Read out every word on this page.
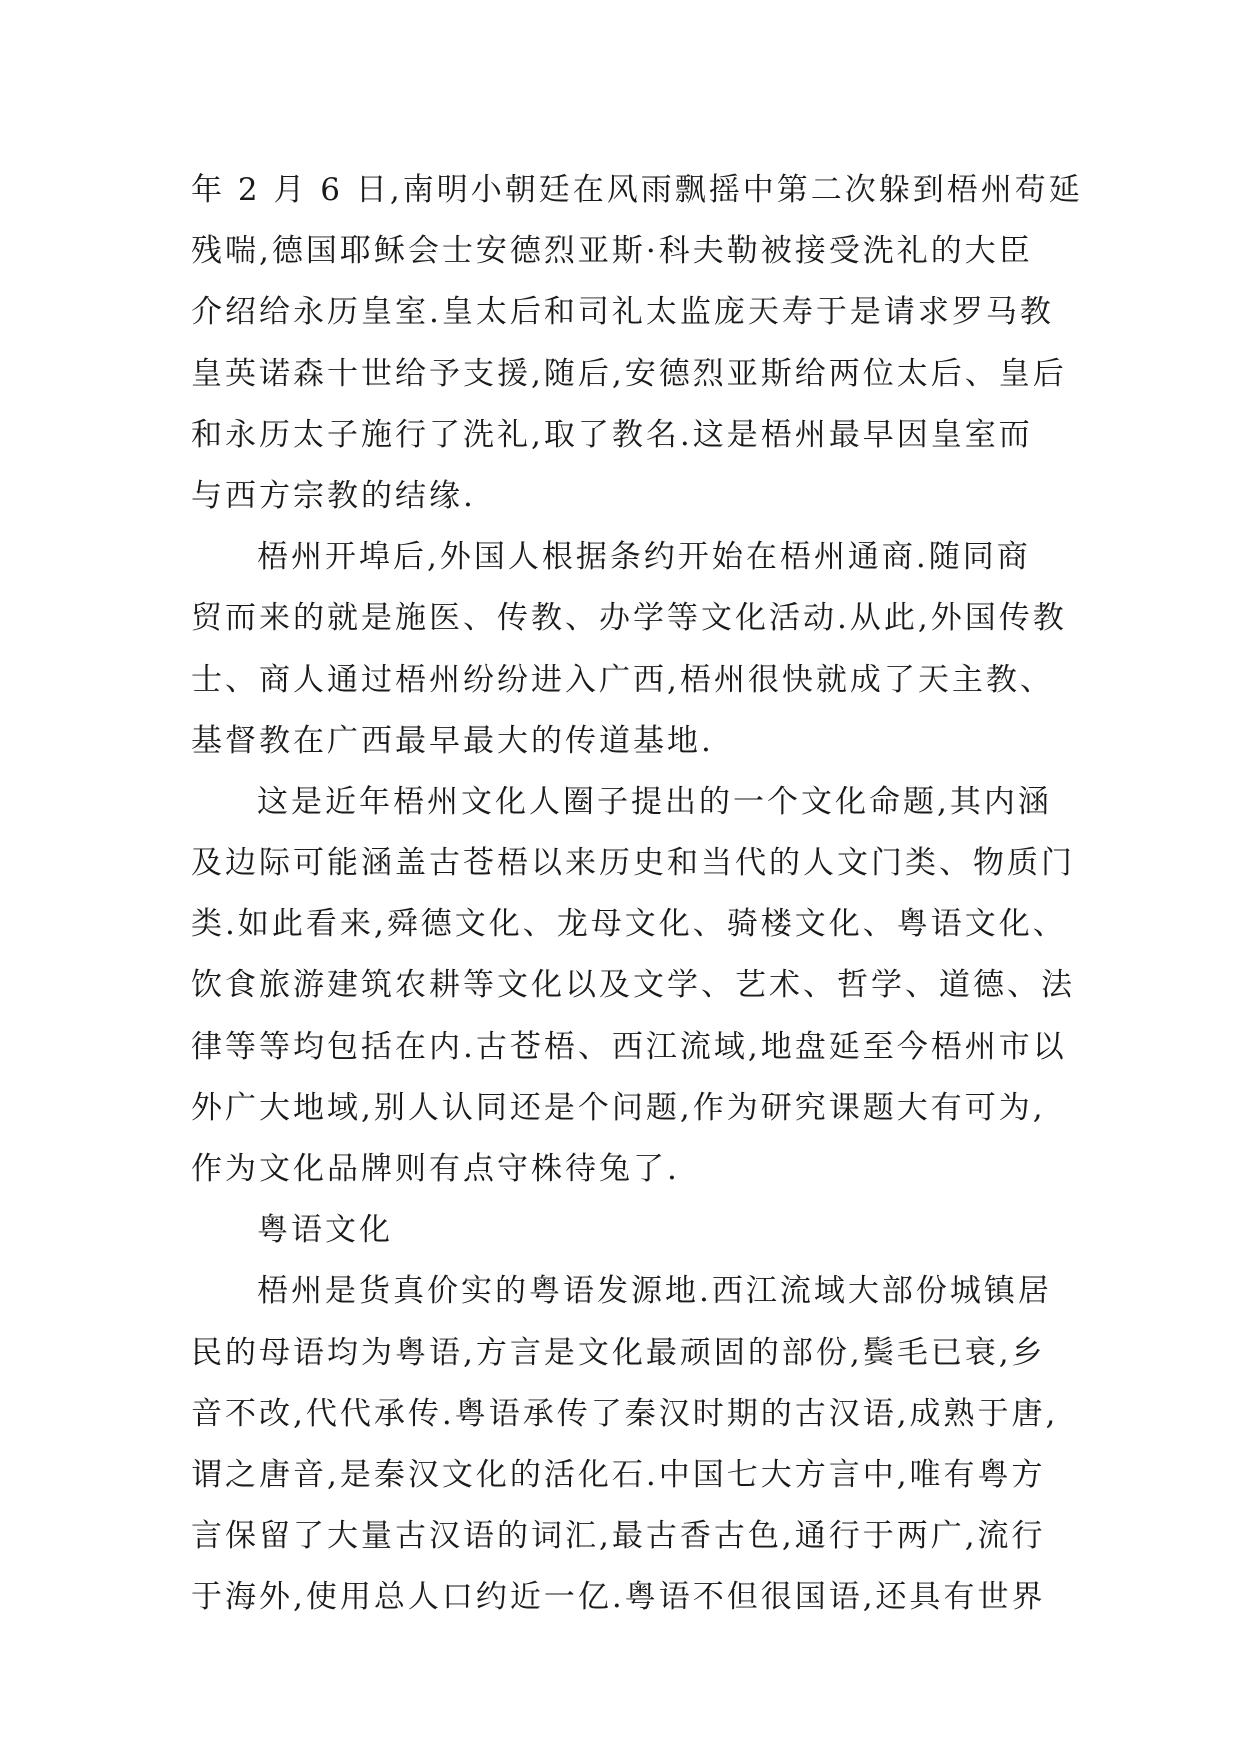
年 2 月 6 日,南明小朝廷在风雨飘摇中第二次躲到梧州苟延
残喘,德国耶稣会士安德烈亚斯·科夫勒被接受洗礼的大臣
介绍给永历皇室.皇太后和司礼太监庞天寿于是请求罗马教
皇英诺森十世给予支援,随后,安德烈亚斯给两位太后、皇后
和永历太子施行了洗礼,取了教名.这是梧州最早因皇室而
与西方宗教的结缘.
梧州开埠后,外国人根据条约开始在梧州通商.随同商
贸而来的就是施医、传教、办学等文化活动.从此,外国传教
士、商人通过梧州纷纷进入广西,梧州很快就成了天主教、
基督教在广西最早最大的传道基地.
这是近年梧州文化人圈子提出的一个文化命题,其内涵
及边际可能涵盖古苍梧以来历史和当代的人文门类、物质门
类.如此看来,舜德文化、龙母文化、骑楼文化、粤语文化、
饮食旅游建筑农耕等文化以及文学、艺术、哲学、道德、法
律等等均包括在内.古苍梧、西江流域,地盘延至今梧州市以
外广大地域,别人认同还是个问题,作为研究课题大有可为,
作为文化品牌则有点守株待兔了.
粤语文化
梧州是货真价实的粤语发源地.西江流域大部份城镇居
民的母语均为粤语,方言是文化最顽固的部份,鬓毛已衰,乡
音不改,代代承传.粤语承传了秦汉时期的古汉语,成熟于唐,
谓之唐音,是秦汉文化的活化石.中国七大方言中,唯有粤方
言保留了大量古汉语的词汇,最古香古色,通行于两广,流行
于海外,使用总人口约近一亿.粤语不但很国语,还具有世界
